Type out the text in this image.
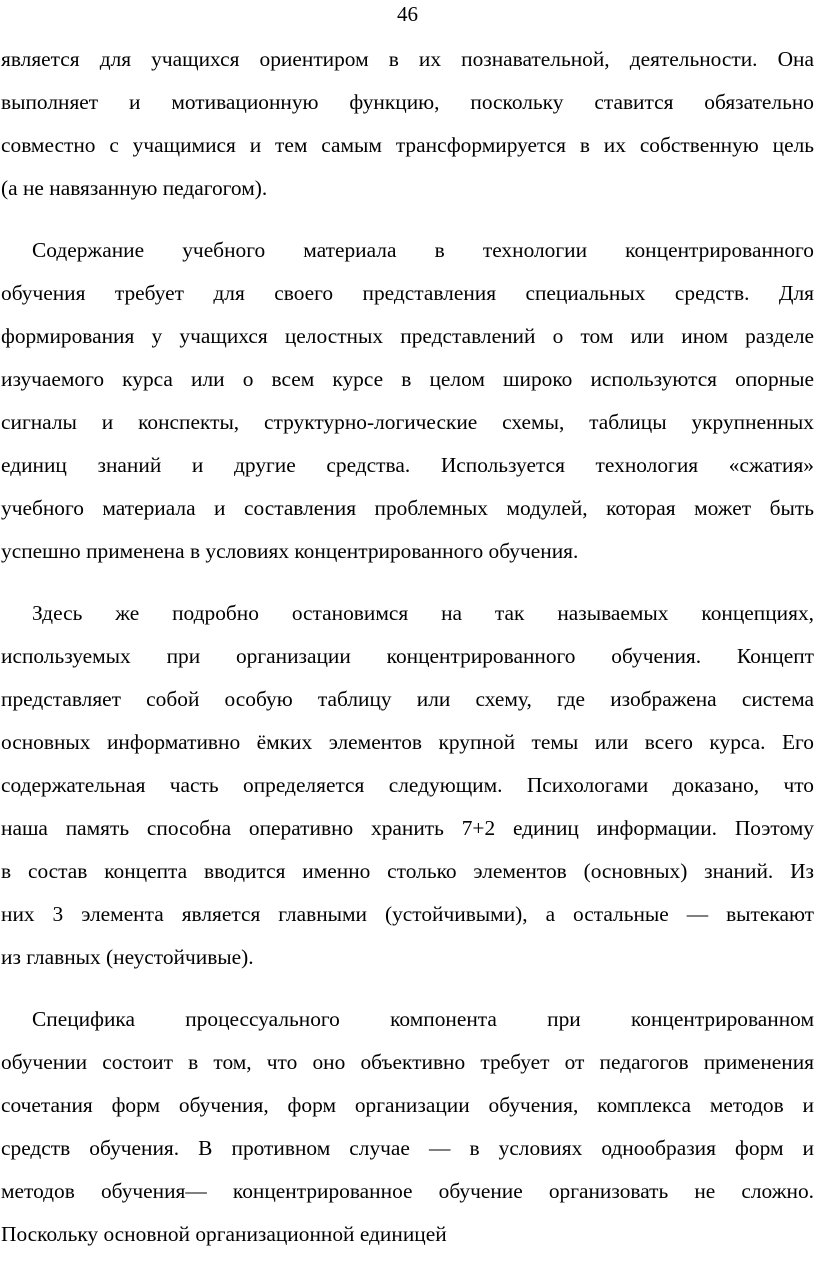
46
является для учащихся ориентиром в их познавательной, деятельности. Она
выполняет и мотивационную функцию, поскольку ставится обязательно
совместно с учащимися и тем самым трансформируется в их собственную цель
(а не навязанную педагогом).
Содержание учебного материала в технологии концентрированного
обучения требует для своего представления специальных средств. Для
формирования у учащихся целостных представлений о том или ином разделе
изучаемого курса или о всем курсе в целом широко используются опорные
сигналы и конспекты, структурно-логические схемы, таблицы укрупненных
единиц знаний и другие средства. Используется технология «сжатия»
учебного материала и составления проблемных модулей, которая может быть
успешно применена в условиях концентрированного обучения.
Здесь же подробно остановимся на так называемых концепциях,
используемых при организации концентрированного обучения. Концепт
представляет собой особую таблицу или схему, где изображена система
основных информативно ёмких элементов крупной темы или всего курса. Его
содержательная часть определяется следующим. Психологами доказано, что
наша память способна оперативно хранить 7+2 единиц информации. Поэтому
в состав концепта вводится именно столько элементов (основных) знаний. Из
них 3 элемента является главными (устойчивыми), а остальные — вытекают
из главных (неустойчивые).
Специфика процессуального компонента при концентрированном
обучении состоит в том, что оно объективно требует от педагогов применения
сочетания форм обучения, форм организации обучения, комплекса методов и
средств обучения. В противном случае — в условиях однообразия форм и
методов обучения— концентрированное обучение организовать не сложно.
Поскольку основной организационной единицей
